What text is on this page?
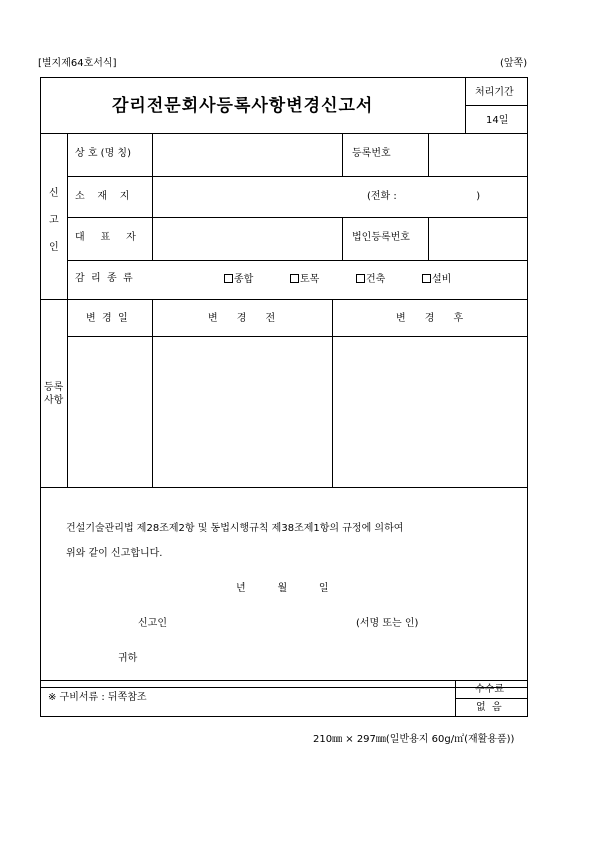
[별지제64호서식]	(앞쪽)
감리전문회사등록사항변경신고서
처리기간
14일
신
고
인
상 호 (명 칭)	등록번호
소    재    지	(전화 :                         )
대     표     자	법인등록번호
감  리  종  류	종합	토목	건축	설비
등록
사항
변  경  일	변      경      전	변      경      후
건설기술관리법 제28조제2항 및 동법시행규칙 제38조제1항의 규정에 의하여
위와 같이 신고합니다.
년          월          일
신고인	(서명 또는 인)
귀하
※ 구비서류 : 뒤쪽참조
수수료
없  음
210㎜ × 297㎜(일반용지 60g/㎡(재활용품))
